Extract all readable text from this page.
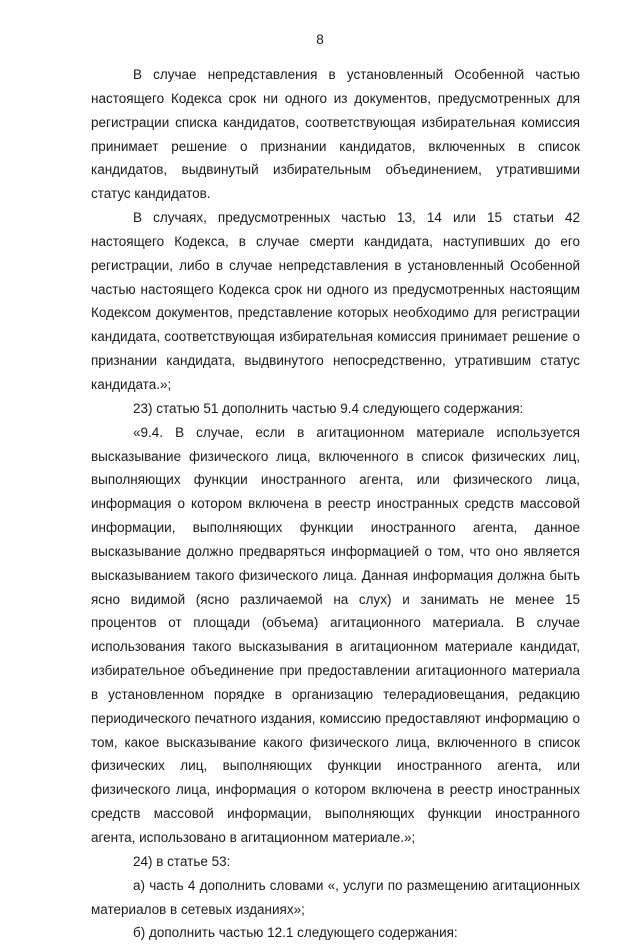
8

В случае непредставления в установленный Особенной частью настоящего Кодекса срок ни одного из документов, предусмотренных для регистрации списка кандидатов, соответствующая избирательная комиссия принимает решение о признании кандидатов, включенных в список кандидатов, выдвинутый избирательным объединением, утратившими статус кандидатов.

В случаях, предусмотренных частью 13, 14 или 15 статьи 42 настоящего Кодекса, в случае смерти кандидата, наступивших до его регистрации, либо в случае непредставления в установленный Особенной частью настоящего Кодекса срок ни одного из предусмотренных настоящим Кодексом документов, представление которых необходимо для регистрации кандидата, соответствующая избирательная комиссия принимает решение о признании кандидата, выдвинутого непосредственно, утратившим статус кандидата.»;

23) статью 51 дополнить частью 9.4 следующего содержания:

«9.4. В случае, если в агитационном материале используется высказывание физического лица, включенного в список физических лиц, выполняющих функции иностранного агента, или физического лица, информация о котором включена в реестр иностранных средств массовой информации, выполняющих функции иностранного агента, данное высказывание должно предваряться информацией о том, что оно является высказыванием такого физического лица. Данная информация должна быть ясно видимой (ясно различаемой на слух) и занимать не менее 15 процентов от площади (объема) агитационного материала. В случае использования такого высказывания в агитационном материале кандидат, избирательное объединение при предоставлении агитационного материала в установленном порядке в организацию телерадиовещания, редакцию периодического печатного издания, комиссию предоставляют информацию о том, какое высказывание какого физического лица, включенного в список физических лиц, выполняющих функции иностранного агента, или физического лица, информация о котором включена в реестр иностранных средств массовой информации, выполняющих функции иностранного агента, использовано в агитационном материале.»;

24) в статье 53:

а) часть 4 дополнить словами «, услуги по размещению агитационных материалов в сетевых изданиях»;

б) дополнить частью 12.1 следующего содержания:
